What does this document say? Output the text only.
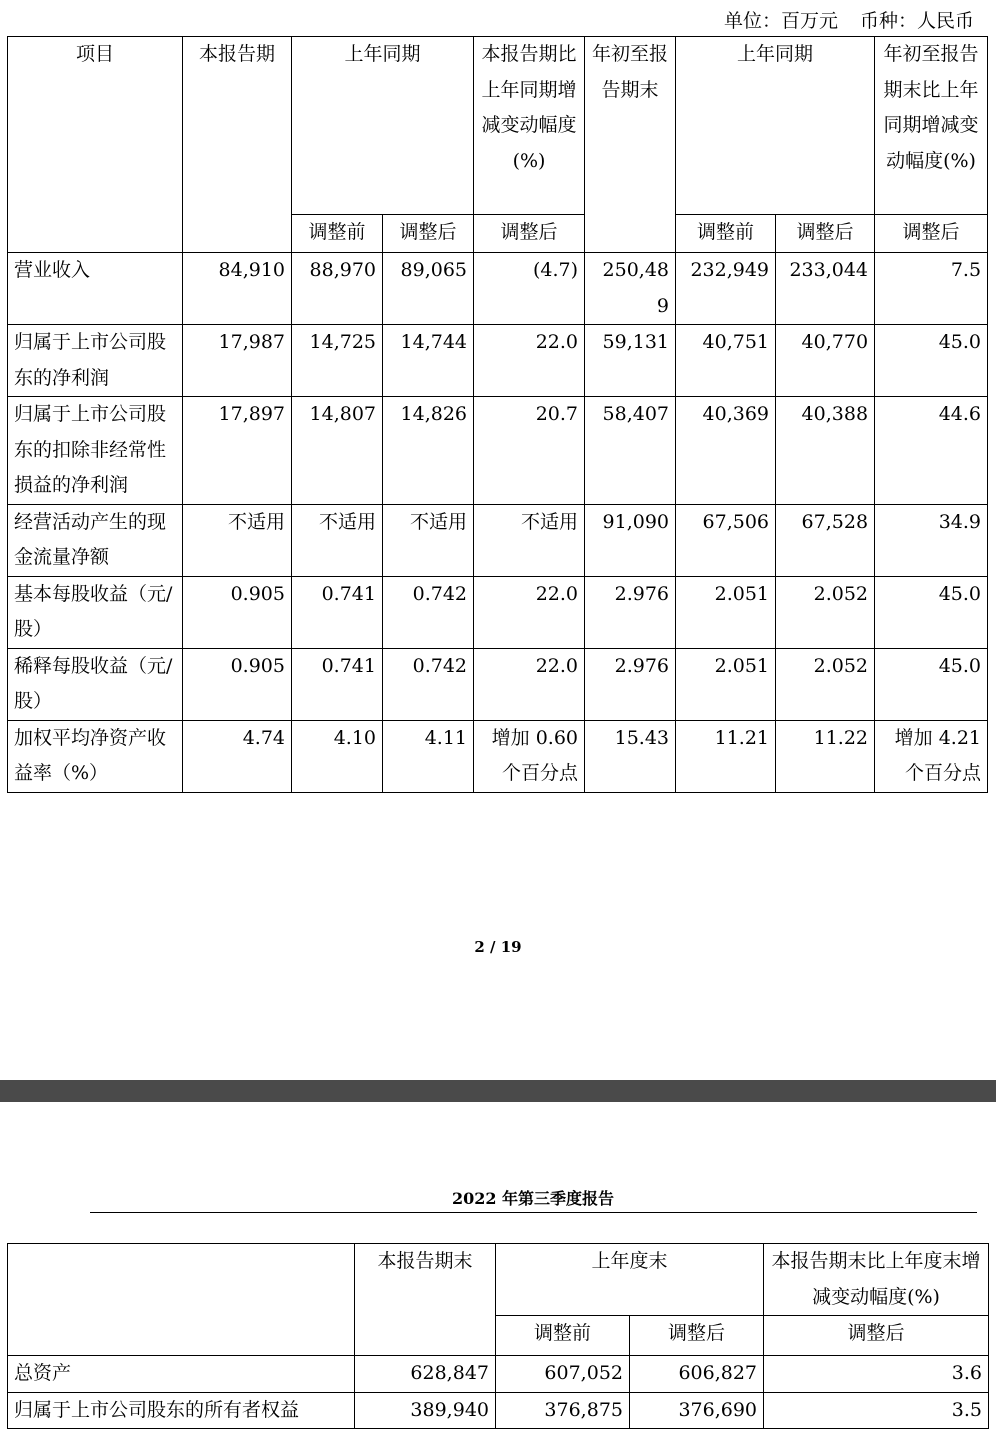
单位：百万元 币种：人民币
项目	本报告期	上年同期		本报告期比上年同期增减变动幅度(%)	年初至报告期末	上年同期		年初至报告期末比上年同期增减变动幅度(%)
		调整前	调整后	调整后		调整前	调整后	调整后
营业收入	84,910	88,970	89,065	(4.7)	250,489	232,949	233,044	7.5
归属于上市公司股东的净利润	17,987	14,725	14,744	22.0	59,131	40,751	40,770	45.0
归属于上市公司股东的扣除非经常性损益的净利润	17,897	14,807	14,826	20.7	58,407	40,369	40,388	44.6
经营活动产生的现金流量净额	不适用	不适用	不适用	不适用	91,090	67,506	67,528	34.9
基本每股收益（元/股）	0.905	0.741	0.742	22.0	2.976	2.051	2.052	45.0
稀释每股收益（元/股）	0.905	0.741	0.742	22.0	2.976	2.051	2.052	45.0
加权平均净资产收益率（%）	4.74	4.10	4.11	增加 0.60 个百分点	15.43	11.21	11.22	增加 4.21 个百分点
2 / 19
2022 年第三季度报告
	本报告期末	上年度末		本报告期末比上年度末增减变动幅度(%)
		调整前	调整后	调整后
总资产	628,847	607,052	606,827	3.6
归属于上市公司股东的所有者权益	389,940	376,875	376,690	3.5
